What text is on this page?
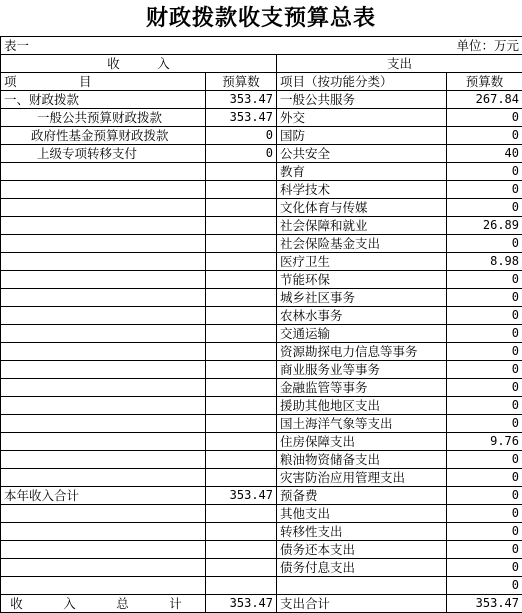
财政拨款收支预算总表
表一			单位：万元
收　　　入		支出	
项　　　　　目	预算数	项目（按功能分类）	预算数
一、财政拨款	353.47	一般公共服务	267.84
一般公共预算财政拨款	353.47	外交	0
政府性基金预算财政拨款	0	国防	0
上级专项转移支付	0	公共安全	40
		教育	0
		科学技术	0
		文化体育与传媒	0
		社会保障和就业	26.89
		社会保险基金支出	0
		医疗卫生	8.98
		节能环保	0
		城乡社区事务	0
		农林水事务	0
		交通运输	0
		资源勘探电力信息等事务	0
		商业服务业等事务	0
		金融监管等事务	0
		援助其他地区支出	0
		国土海洋气象等支出	0
		住房保障支出	9.76
		粮油物资储备支出	0
		灾害防治应用管理支出	0
本年收入合计	353.47	预备费	0
		其他支出	0
		转移性支出	0
		债务还本支出	0
		债务付息支出	0
			0
收　入　总　计	353.47	支出合计	353.47
